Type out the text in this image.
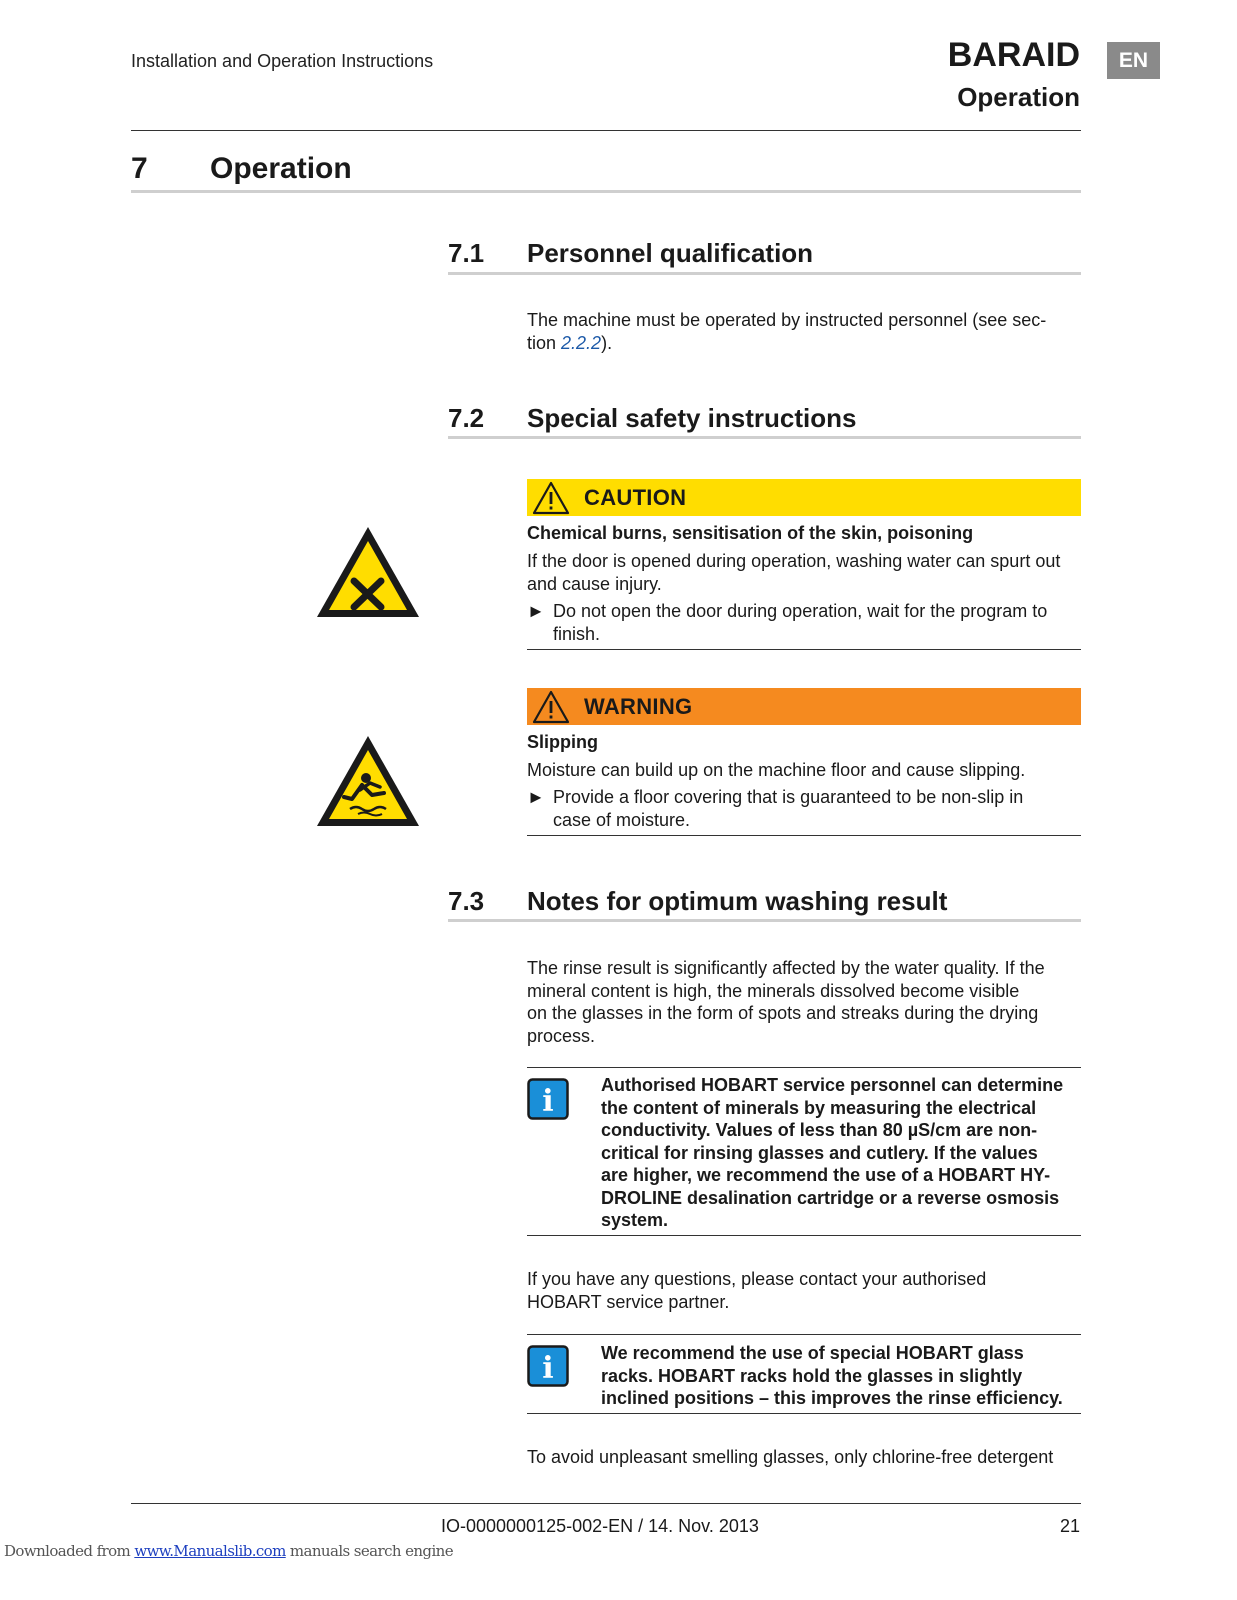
Installation and Operation Instructions	BARAID
Operation
EN
7 Operation
7.1 Personnel qualification
The machine must be operated by instructed personnel (see sec-
tion 2.2.2).
7.2 Special safety instructions
CAUTION
Chemical burns, sensitisation of the skin, poisoning
If the door is opened during operation, washing water can spurt out
and cause injury.
► Do not open the door during operation, wait for the program to
finish.
WARNING
Slipping
Moisture can build up on the machine floor and cause slipping.
► Provide a floor covering that is guaranteed to be non-slip in
case of moisture.
7.3 Notes for optimum washing result
The rinse result is significantly affected by the water quality. If the
mineral content is high, the minerals dissolved become visible
on the glasses in the form of spots and streaks during the drying
process.
i	Authorised HOBART service personnel can determine
the content of minerals by measuring the electrical
conductivity. Values of less than 80 µS/cm are non-
critical for rinsing glasses and cutlery. If the values
are higher, we recommend the use of a HOBART HY-
DROLINE desalination cartridge or a reverse osmosis
system.
If you have any questions, please contact your authorised
HOBART service partner.
i	We recommend the use of special HOBART glass
racks. HOBART racks hold the glasses in slightly
inclined positions – this improves the rinse efficiency.
To avoid unpleasant smelling glasses, only chlorine-free detergent
IO-0000000125-002-EN / 14. Nov. 2013	21
Downloaded from www.Manualslib.com manuals search engine
